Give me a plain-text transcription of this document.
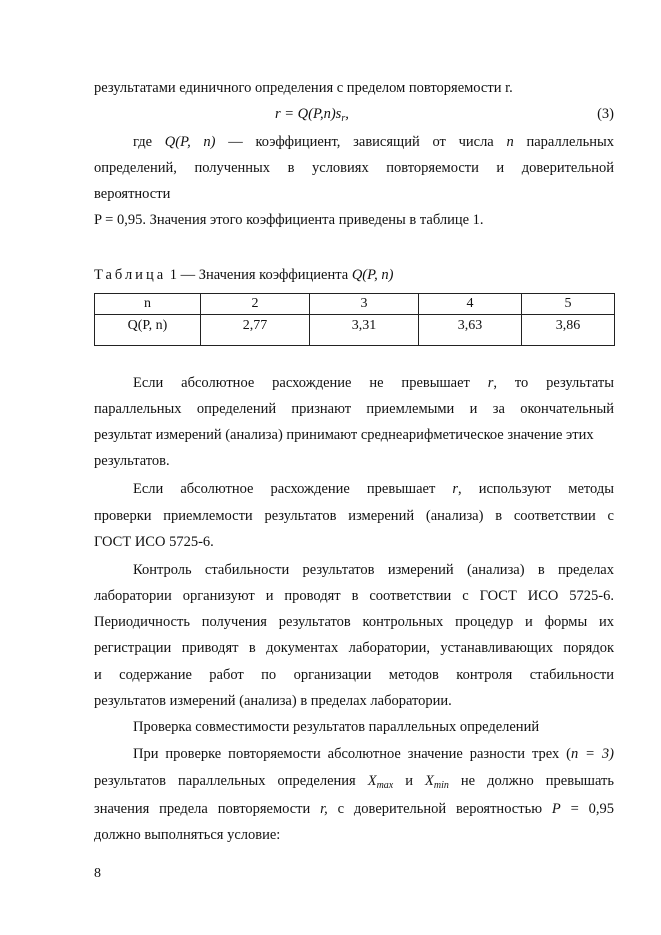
результатами единичного определения с пределом повторяемости r.
$r = Q(P,n)s_r$,	(3)
где Q(P, n) — коэффициент, зависящий от числа n параллельных
определений, полученных в условиях повторяемости и доверительной
вероятности
P = 0,95. Значения этого коэффициента приведены в таблице 1.
Таблица 1 — Значения коэффициента Q(P, n)
n	2	3	4	5
Q(P, n)	2,77	3,31	3,63	3,86
Если абсолютное расхождение не превышает r, то результаты
параллельных определений признают приемлемыми и за окончательный
результат измерений (анализа) принимают среднеарифметическое значение этих
результатов.
Если абсолютное расхождение превышает r, используют методы
проверки приемлемости результатов измерений (анализа) в соответствии с
ГОСТ ИСО 5725-6.
Контроль стабильности результатов измерений (анализа) в пределах
лаборатории организуют и проводят в соответствии с ГОСТ ИСО 5725-6.
Периодичность получения результатов контрольных процедур и формы их
регистрации приводят в документах лаборатории, устанавливающих порядок
и содержание работ по организации методов контроля стабильности
результатов измерений (анализа) в пределах лаборатории.
Проверка совместимости результатов параллельных определений
При проверке повторяемости абсолютное значение разности трех (n = 3)
результатов параллельных определения $X_{max}$ и $X_{min}$ не должно превышать
значения предела повторяемости r, с доверительной вероятностью P = 0,95
должно выполняться условие:
8
